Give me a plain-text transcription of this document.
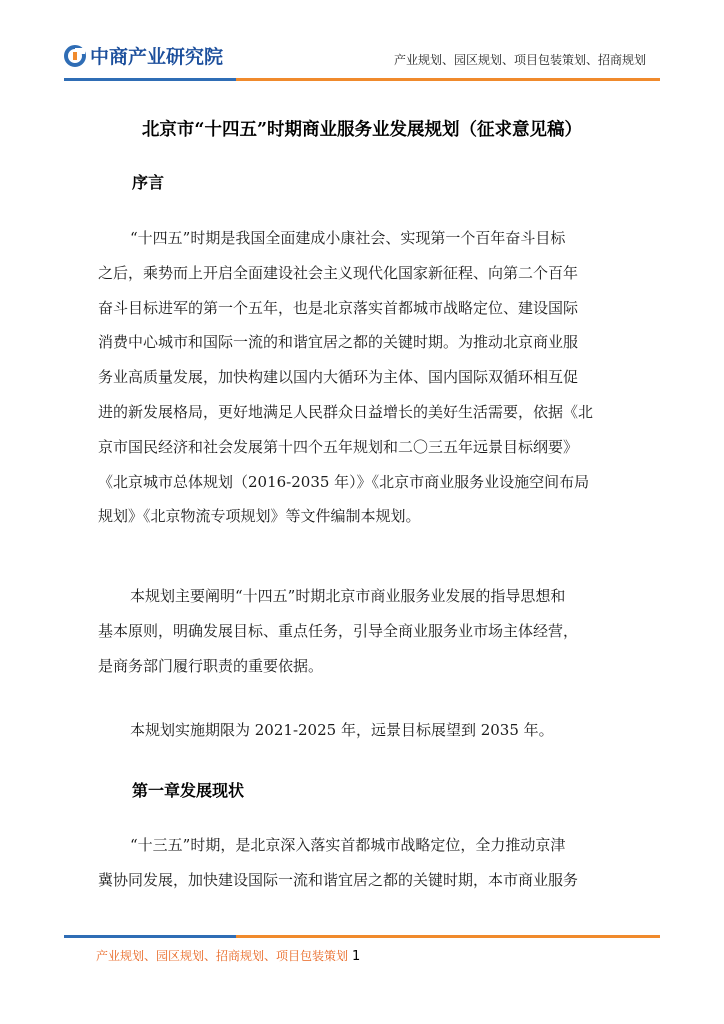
中商产业研究院	产业规划、园区规划、项目包装策划、招商规划
北京市“十四五”时期商业服务业发展规划（征求意见稿）
序言
“十四五”时期是我国全面建成小康社会、实现第一个百年奋斗目标
之后，乘势而上开启全面建设社会主义现代化国家新征程、向第二个百年
奋斗目标进军的第一个五年，也是北京落实首都城市战略定位、建设国际
消费中心城市和国际一流的和谐宜居之都的关键时期。为推动北京商业服
务业高质量发展，加快构建以国内大循环为主体、国内国际双循环相互促
进的新发展格局，更好地满足人民群众日益增长的美好生活需要，依据《北
京市国民经济和社会发展第十四个五年规划和二〇三五年远景目标纲要》
《北京城市总体规划（2016-2035 年）》《北京市商业服务业设施空间布局
规划》《北京物流专项规划》等文件编制本规划。
本规划主要阐明“十四五”时期北京市商业服务业发展的指导思想和
基本原则，明确发展目标、重点任务，引导全商业服务业市场主体经营，
是商务部门履行职责的重要依据。
本规划实施期限为 2021-2025 年，远景目标展望到 2035 年。
第一章发展现状
“十三五”时期，是北京深入落实首都城市战略定位，全力推动京津
冀协同发展，加快建设国际一流和谐宜居之都的关键时期，本市商业服务
产业规划、园区规划、招商规划、项目包装策划 1
